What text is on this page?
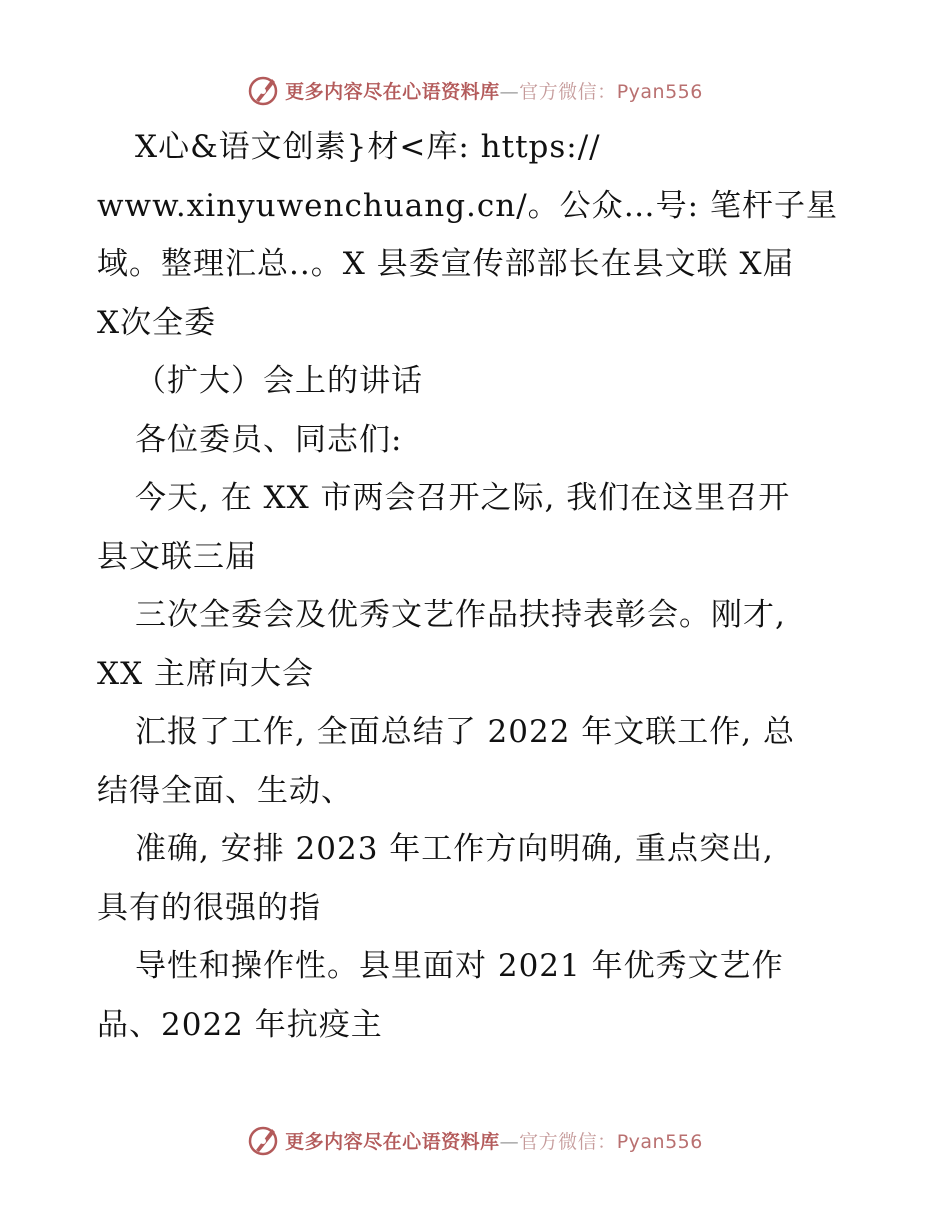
更多内容尽在心语资料库—官方微信：Pyan556
X心&语文创素}材<库: https://
www.xinyuwenchuang.cn/。公众…号: 笔杆子星
域。整理汇总..。X 县委宣传部部长在县文联 X届
X次全委
（扩大）会上的讲话
各位委员、同志们:
今天, 在 XX 市两会召开之际, 我们在这里召开
县文联三届
三次全委会及优秀文艺作品扶持表彰会。刚才,
XX 主席向大会
汇报了工作, 全面总结了 2022 年文联工作, 总
结得全面、生动、
准确, 安排 2023 年工作方向明确, 重点突出,
具有的很强的指
导性和操作性。县里面对 2021 年优秀文艺作
品、2022 年抗疫主
更多内容尽在心语资料库—官方微信：Pyan556
